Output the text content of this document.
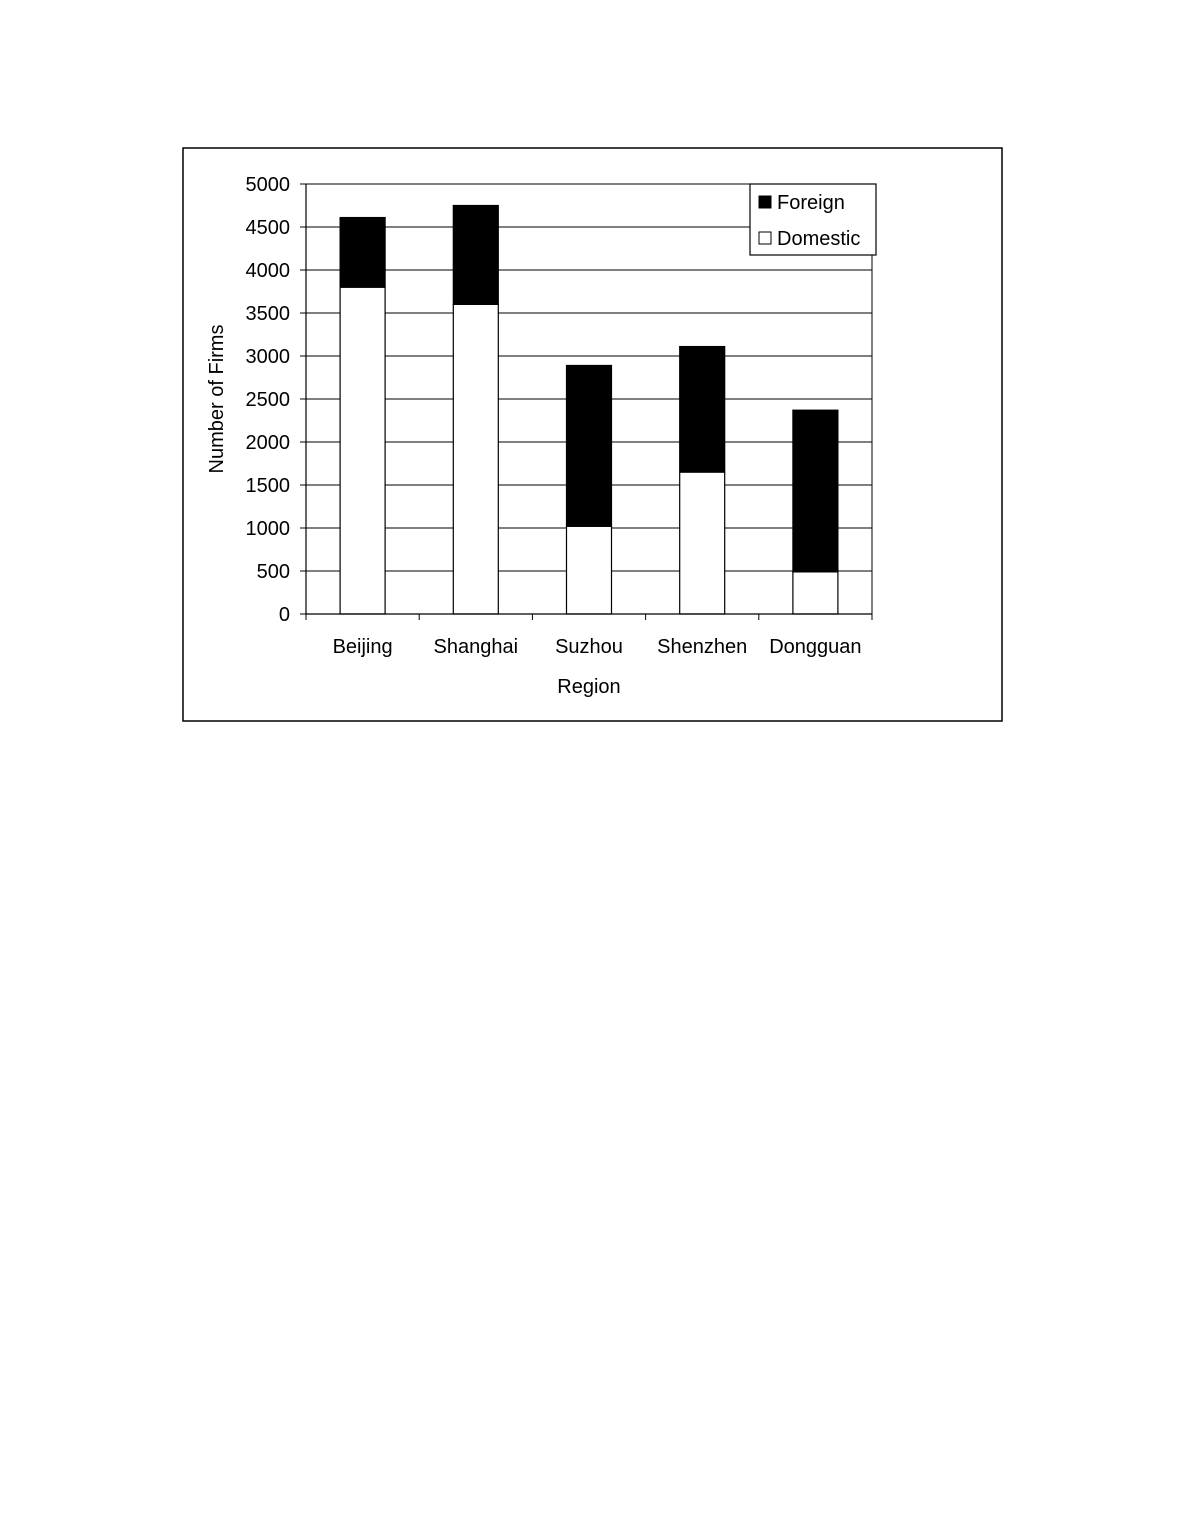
0
500
1000
1500
2000
2500
3000
3500
4000
4500
5000
Beijing Shanghai Suzhou Shenzhen Dongguan
Region
Number of Firms
Foreign
Domestic
